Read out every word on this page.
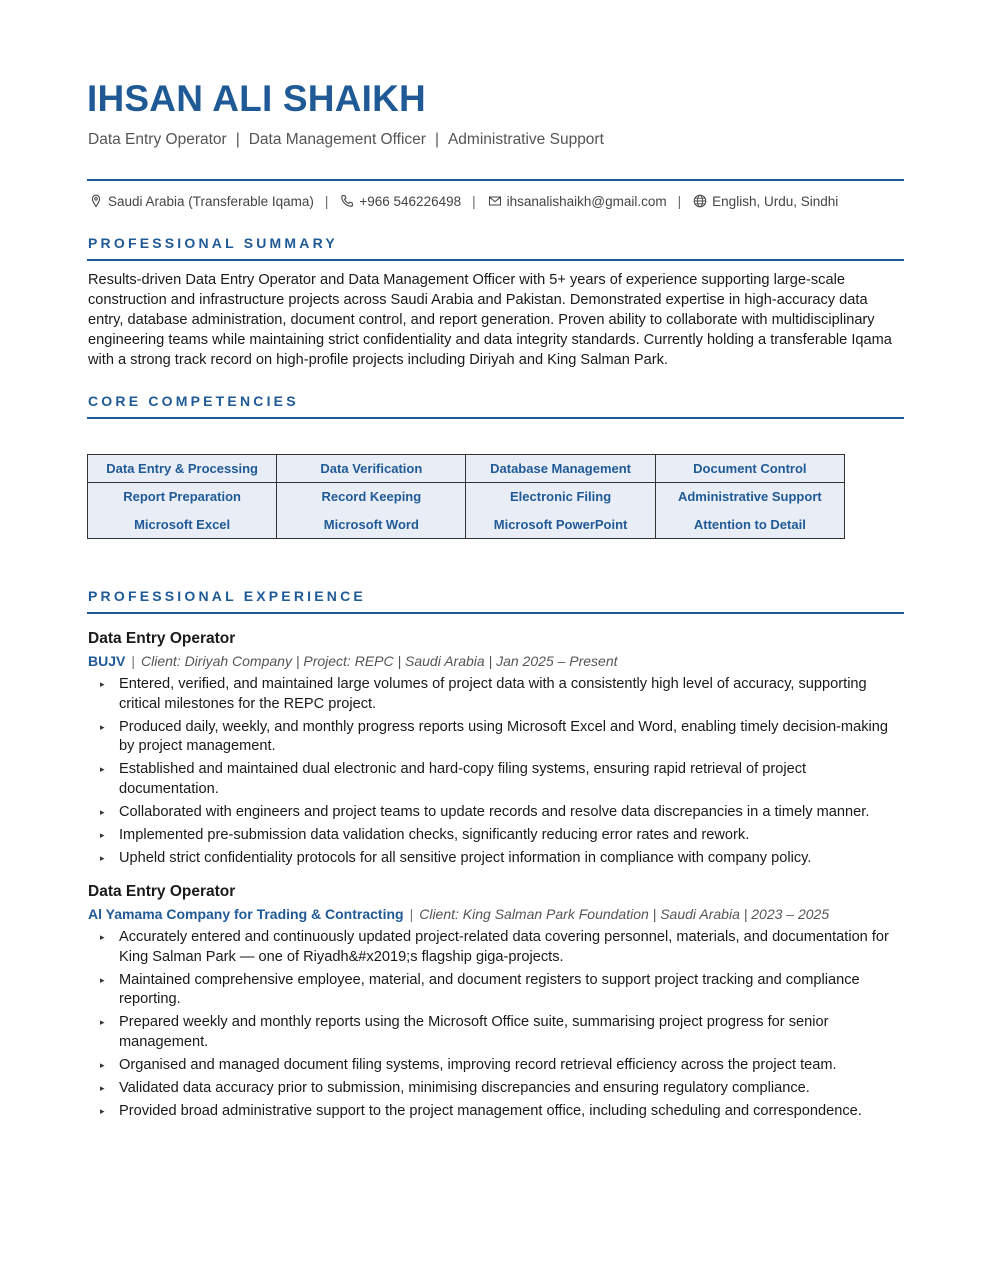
IHSAN ALI SHAIKH
Data Entry Operator | Data Management Officer | Administrative Support
Saudi Arabia (Transferable Iqama) | +966 546226498 | ihsanalishaikh@gmail.com | English, Urdu, Sindhi
PROFESSIONAL SUMMARY
Results-driven Data Entry Operator and Data Management Officer with 5+ years of experience supporting large-scale construction and infrastructure projects across Saudi Arabia and Pakistan. Demonstrated expertise in high-accuracy data entry, database administration, document control, and report generation. Proven ability to collaborate with multidisciplinary engineering teams while maintaining strict confidentiality and data integrity standards. Currently holding a transferable Iqama with a strong track record on high-profile projects including Diriyah and King Salman Park.
CORE COMPETENCIES
Data Entry & Processing	Data Verification	Database Management	Document Control
Report Preparation	Record Keeping	Electronic Filing	Administrative Support
Microsoft Excel	Microsoft Word	Microsoft PowerPoint	Attention to Detail
PROFESSIONAL EXPERIENCE
Data Entry Operator
BUJV | Client: Diriyah Company | Project: REPC | Saudi Arabia | Jan 2025 – Present
▸ Entered, verified, and maintained large volumes of project data with a consistently high level of accuracy, supporting critical milestones for the REPC project.
▸ Produced daily, weekly, and monthly progress reports using Microsoft Excel and Word, enabling timely decision-making by project management.
▸ Established and maintained dual electronic and hard-copy filing systems, ensuring rapid retrieval of project documentation.
▸ Collaborated with engineers and project teams to update records and resolve data discrepancies in a timely manner.
▸ Implemented pre-submission data validation checks, significantly reducing error rates and rework.
▸ Upheld strict confidentiality protocols for all sensitive project information in compliance with company policy.
Data Entry Operator
Al Yamama Company for Trading & Contracting | Client: King Salman Park Foundation | Saudi Arabia | 2023 – 2025
▸ Accurately entered and continuously updated project-related data covering personnel, materials, and documentation for King Salman Park — one of Riyadh&#x2019;s flagship giga-projects.
▸ Maintained comprehensive employee, material, and document registers to support project tracking and compliance reporting.
▸ Prepared weekly and monthly reports using the Microsoft Office suite, summarising project progress for senior management.
▸ Organised and managed document filing systems, improving record retrieval efficiency across the project team.
▸ Validated data accuracy prior to submission, minimising discrepancies and ensuring regulatory compliance.
▸ Provided broad administrative support to the project management office, including scheduling and correspondence.
